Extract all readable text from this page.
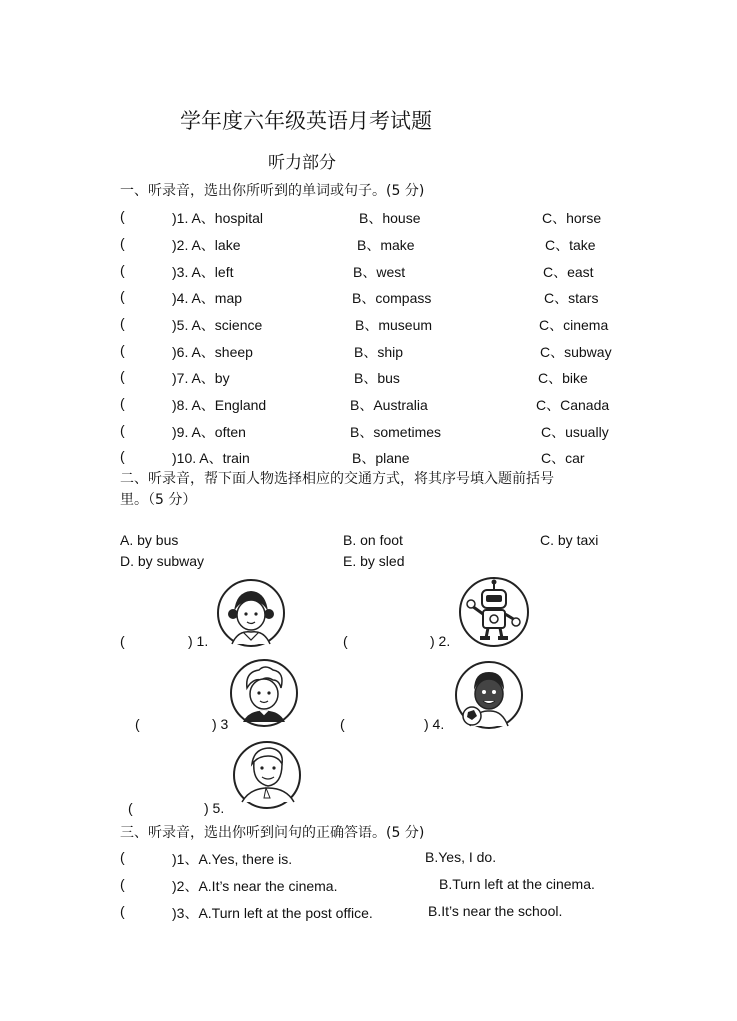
学年度六年级英语月考试题
听力部分
一、听录音，选出你所听到的单词或句子。(5 分)
(	)1. A、hospital	B、house	C、horse
(	)2. A、lake	B、make	C、take
(	)3. A、left	B、west	C、east
(	)4. A、map	B、compass	C、stars
(	)5. A、science	B、museum	C、cinema
(	)6. A、sheep	B、ship	C、subway
(	)7. A、by	B、bus	C、bike
(	)8. A、England	B、Australia	C、Canada
(	)9. A、often	B、sometimes	C、usually
(	)10. A、train	B、plane	C、car
二、听录音，帮下面人物选择相应的交通方式，将其序号填入题前括号
里。（5 分）
A. by bus	B. on foot	C. by taxi
D. by subway	E. by sled
(	) 1.	(	) 2.
(	) 3	(	) 4.
(	) 5.
三、听录音，选出你听到问句的正确答语。(5 分)
(	)1、A.Yes, there is.	B.Yes, I do.
(	)2、A.It’s near the cinema.	B.Turn left at the cinema.
(	)3、A.Turn left at the post office.	B.It’s near the school.
